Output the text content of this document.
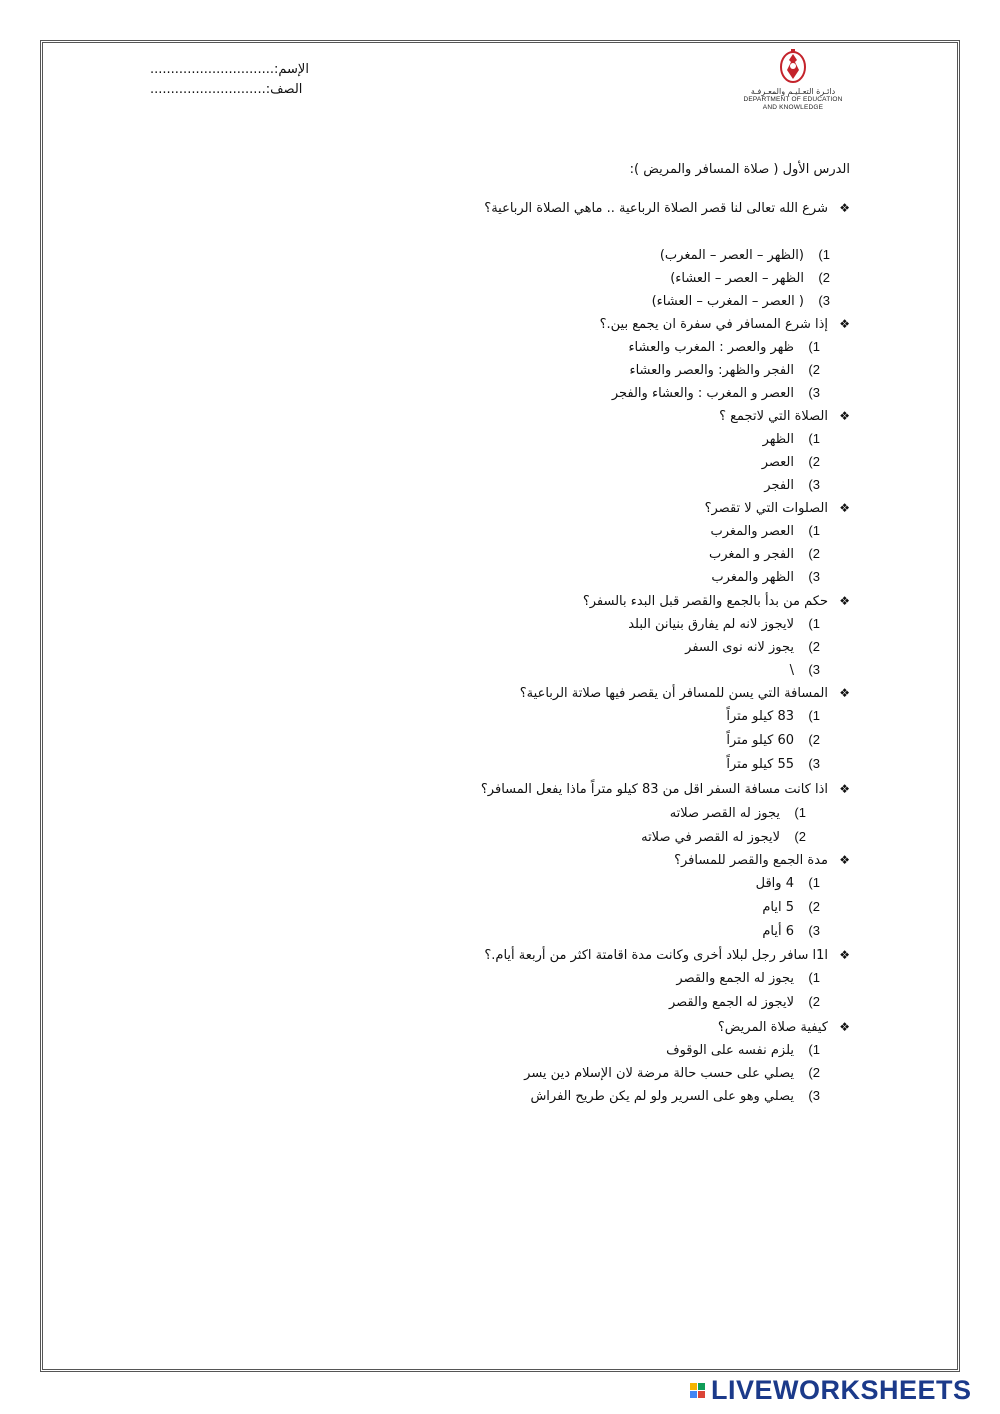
دائـرة التعـليـم والمعـرفـة
DEPARTMENT OF EDUCATION
AND KNOWLEDGE
الإسم:..............................
الصف:............................
الدرس الأول ( صلاة المسافر والمريض ):
❖شرع الله تعالى لنا قصر الصلاة الرباعية .. ماهي الصلاة الرباعية؟
1)(الظهر – العصر – المغرب)
2)الظهر – العصر – العشاء)
3)( العصر – المغرب – العشاء)
❖إذا شرع المسافر في سفرة ان يجمع بين.؟
1)ظهر والعصر : المغرب والعشاء
2)الفجر والظهر: والعصر والعشاء
3)العصر و المغرب : والعشاء والفجر
❖الصلاة التي لاتجمع ؟
1)الظهر
2)العصر
3)الفجر
❖الصلوات التي لا تقصر؟
1)العصر والمغرب
2)الفجر و المغرب
3)الظهر والمغرب
❖حكم من بدأ بالجمع والقصر قبل البدء بالسفر؟
1)لايجوز لانه لم يفارق بنيانن البلد
2)يجوز لانه نوى السفر
3)\
❖المسافة التي يسن للمسافر أن يقصر فيها صلاتة الرباعية؟
1)83 كيلو متراً
2)60 كيلو متراً
3)55 كيلو متراً
❖اذا كانت مسافة السفر اقل من 83 كيلو متراً ماذا يفعل المسافر؟
1)يجوز له القصر صلاته
2)لايجوز له القصر في صلاته
❖مدة الجمع والقصر للمسافر؟
1)4 واقل
2)5 ايام
3)6 أيام
❖ا1ا سافر رجل لبلاد أخرى وكانت مدة اقامتة اكثر من أربعة أيام.؟
1)يجوز له الجمع والقصر
2)لايجوز له الجمع والقصر
❖كيفية صلاة المريض؟
1)يلزم نفسه على الوقوف
2)يصلي على حسب حالة مرضة لان الإسلام دين يسر
3)يصلي وهو على السرير ولو لم يكن طريح الفراش
LIVEWORKSHEETS
